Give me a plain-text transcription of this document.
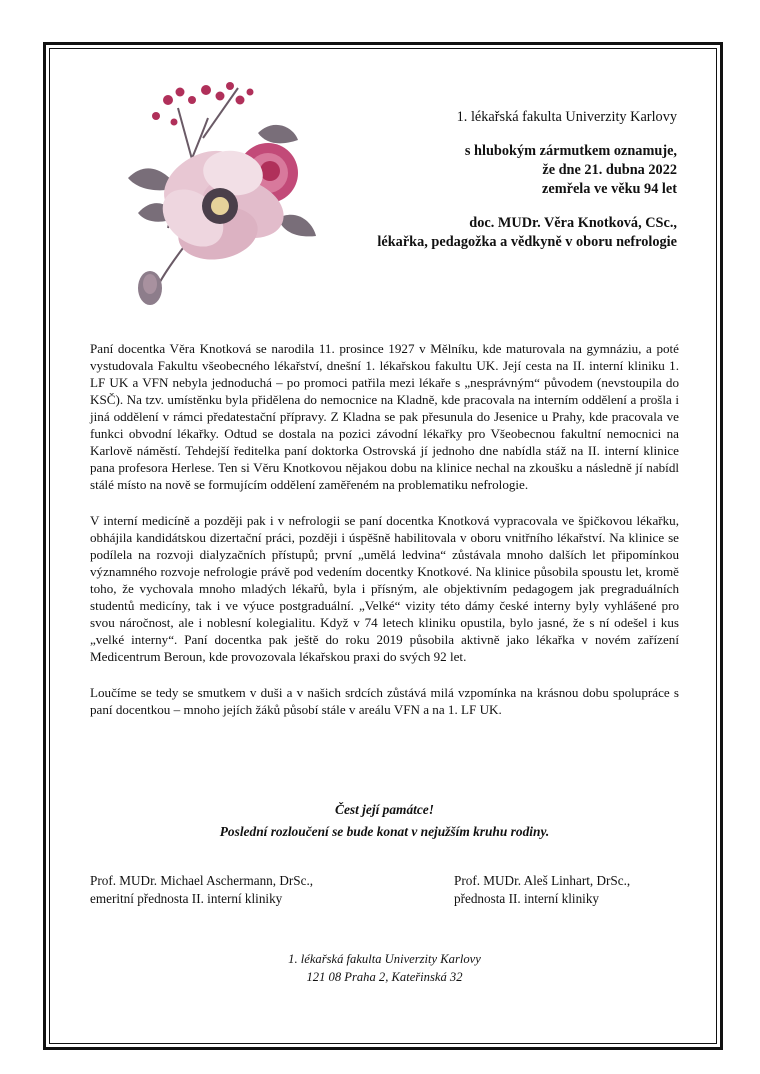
1. lékařská fakulta Univerzity Karlovy
s hlubokým zármutkem oznamuje,
že dne 21. dubna 2022
zemřela ve věku 94 let
doc. MUDr. Věra Knotková, CSc.,
lékařka, pedagožka a vědkyně v oboru nefrologie

Paní docentka Věra Knotková se narodila 11. prosince 1927 v Mělníku, kde maturovala na gymnáziu, a poté vystudovala Fakultu všeobecného lékařství, dnešní 1. lékařskou fakultu UK. Její cesta na II. interní kliniku 1. LF UK a VFN nebyla jednoduchá – po promoci patřila mezi lékaře s „nesprávným“ původem (nevstoupila do KSČ). Na tzv. umístěnku byla přidělena do nemocnice na Kladně, kde pracovala na interním oddělení a prošla i jiná oddělení v rámci předatestační přípravy. Z Kladna se pak přesunula do Jesenice u Prahy, kde pracovala ve funkci obvodní lékařky. Odtud se dostala na pozici závodní lékařky pro Všeobecnou fakultní nemocnici na Karlově náměstí. Tehdejší ředitelka paní doktorka Ostrovská jí jednoho dne nabídla stáž na II. interní klinice pana profesora Herlese. Ten si Věru Knotkovou nějakou dobu na klinice nechal na zkoušku a následně jí nabídl stálé místo na nově se formujícím oddělení zaměřeném na problematiku nefrologie.

V interní medicíně a později pak i v nefrologii se paní docentka Knotková vypracovala ve špičkovou lékařku, obhájila kandidátskou dizertační práci, později i úspěšně habilitovala v oboru vnitřního lékařství. Na klinice se podílela na rozvoji dialyzačních přístupů; první „umělá ledvina“ zůstávala mnoho dalších let připomínkou významného rozvoje nefrologie právě pod vedením docentky Knotkové. Na klinice působila spoustu let, kromě toho, že vychovala mnoho mladých lékařů, byla i přísným, ale objektivním pedagogem jak pregraduálních studentů medicíny, tak i ve výuce postgraduální. „Velké“ vizity této dámy české interny byly vyhlášené pro svou náročnost, ale i noblesní kolegialitu. Když v 74 letech kliniku opustila, bylo jasné, že s ní odešel i kus „velké interny“. Paní docentka pak ještě do roku 2019 působila aktivně jako lékařka v novém zařízení Medicentrum Beroun, kde provozovala lékařskou praxi do svých 92 let.

Loučíme se tedy se smutkem v duši a v našich srdcích zůstává milá vzpomínka na krásnou dobu spolupráce s paní docentkou – mnoho jejích žáků působí stále v areálu VFN a na 1. LF UK.

Čest její památce!
Poslední rozloučení se bude konat v nejužším kruhu rodiny.
Prof. MUDr. Michael Aschermann, DrSc.,
emeritní přednosta II. interní kliniky
Prof. MUDr. Aleš Linhart, DrSc.,
přednosta II. interní kliniky
1. lékařská fakulta Univerzity Karlovy
121 08 Praha 2, Kateřinská 32
